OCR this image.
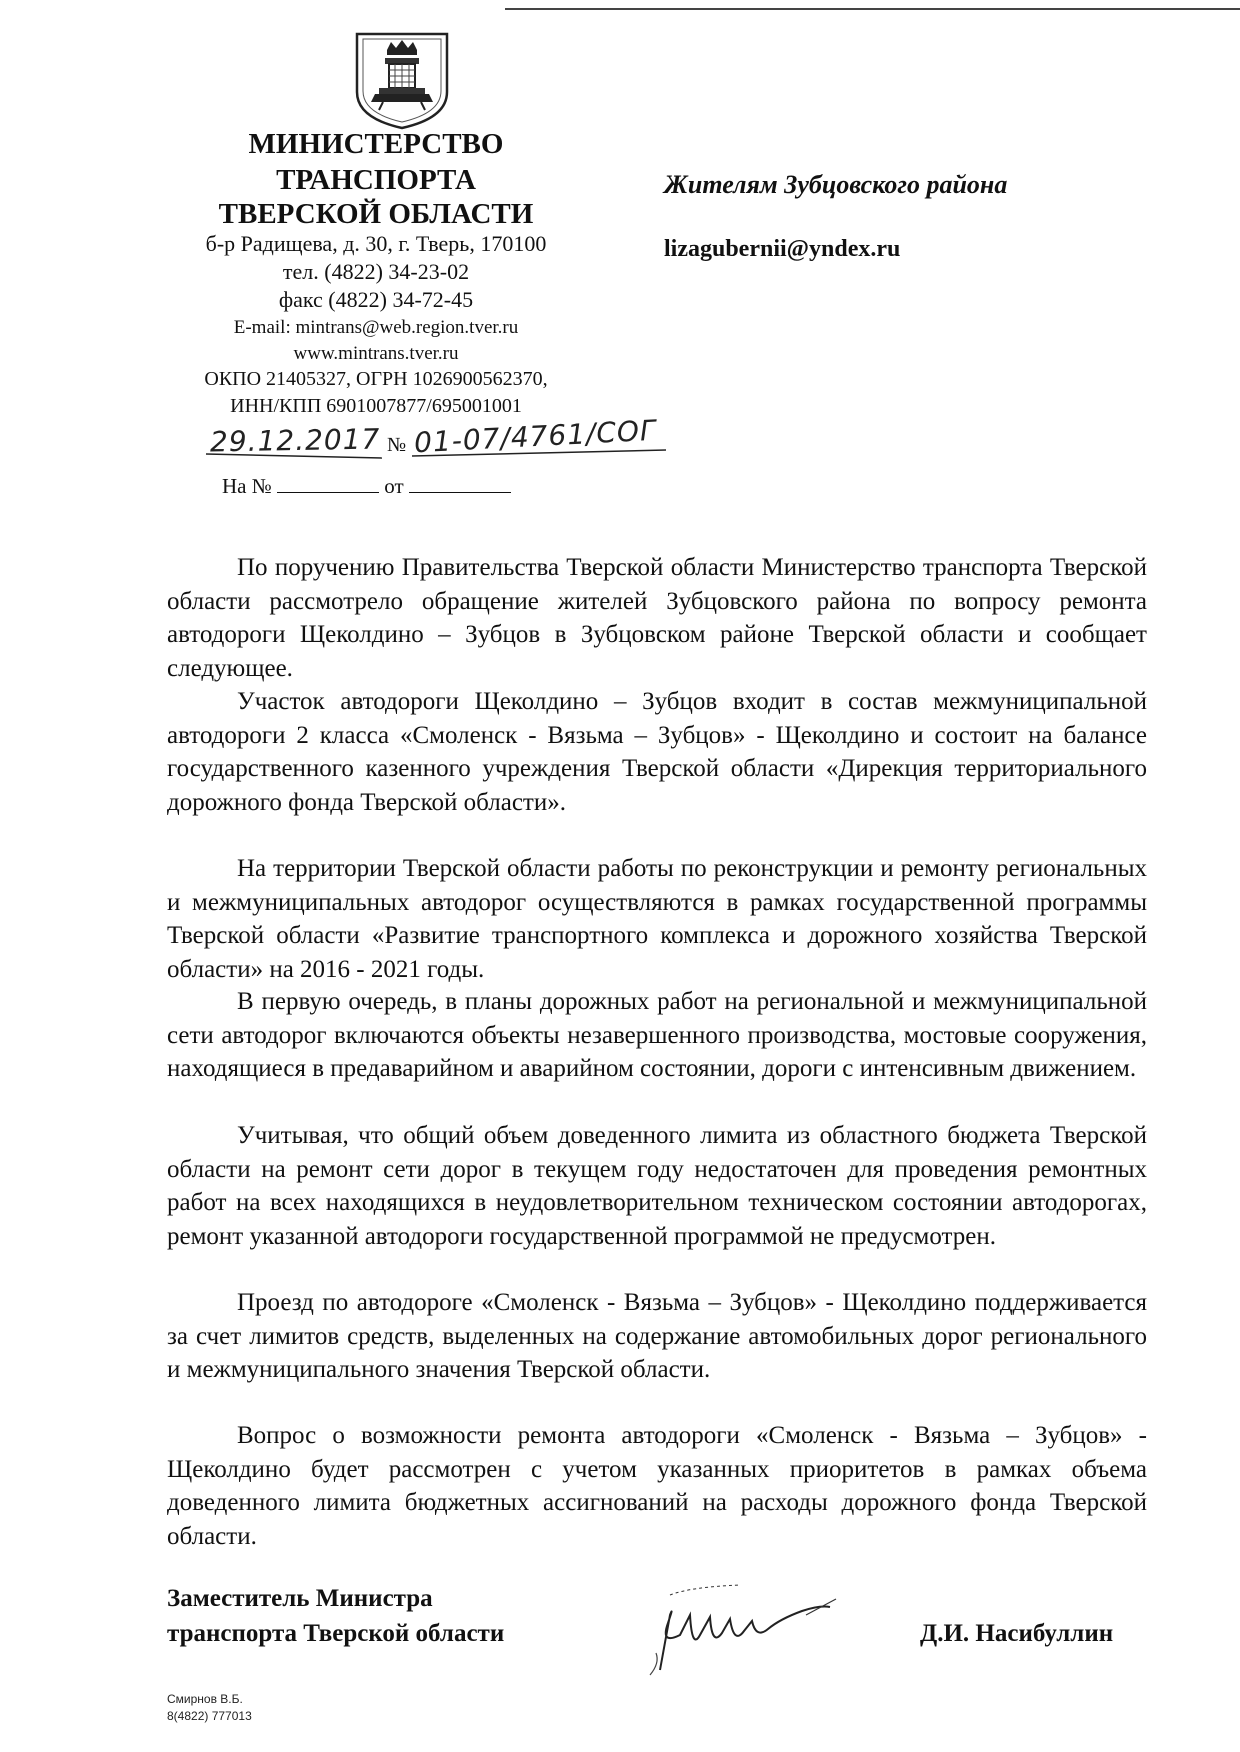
МИНИСТЕРСТВО
ТРАНСПОРТА
ТВЕРСКОЙ ОБЛАСТИ
б-р Радищева, д. 30, г. Тверь, 170100
тел. (4822) 34-23-02
факс (4822) 34-72-45
E-mail: mintrans@web.region.tver.ru
www.mintrans.tver.ru
ОКПО 21405327, ОГРН 1026900562370,
ИНН/КПП 6901007877/695001001
29.12.2017 № 01-07/4761/СОГ
На №	от
Жителям Зубцовского района
lizagubernii@yndex.ru

По поручению Правительства Тверской области Министерство транспорта Тверской области рассмотрело обращение жителей Зубцовского района по вопросу ремонта автодороги Щеколдино – Зубцов в Зубцовском районе Тверской области и сообщает следующее.

Участок автодороги Щеколдино – Зубцов входит в состав межмуниципальной автодороги 2 класса «Смоленск - Вязьма – Зубцов» - Щеколдино и состоит на балансе государственного казенного учреждения Тверской области «Дирекция территориального дорожного фонда Тверской области».

На территории Тверской области работы по реконструкции и ремонту региональных и межмуниципальных автодорог осуществляются в рамках государственной программы Тверской области «Развитие транспортного комплекса и дорожного хозяйства Тверской области» на 2016 - 2021 годы.

В первую очередь, в планы дорожных работ на региональной и межмуниципальной сети автодорог включаются объекты незавершенного производства, мостовые сооружения, находящиеся в предаварийном и аварийном состоянии, дороги с интенсивным движением.

Учитывая, что общий объем доведенного лимита из областного бюджета Тверской области на ремонт сети дорог в текущем году недостаточен для проведения ремонтных работ на всех находящихся в неудовлетворительном техническом состоянии автодорогах, ремонт указанной автодороги государственной программой не предусмотрен.

Проезд по автодороге «Смоленск - Вязьма – Зубцов» - Щеколдино поддерживается за счет лимитов средств, выделенных на содержание автомобильных дорог регионального и межмуниципального значения Тверской области.

Вопрос о возможности ремонта автодороги «Смоленск - Вязьма – Зубцов» - Щеколдино будет рассмотрен с учетом указанных приоритетов в рамках объема доведенного лимита бюджетных ассигнований на расходы дорожного фонда Тверской области.

Заместитель Министра
транспорта Тверской области	Д.И. Насибуллин
Смирнов В.Б.
8(4822) 777013
